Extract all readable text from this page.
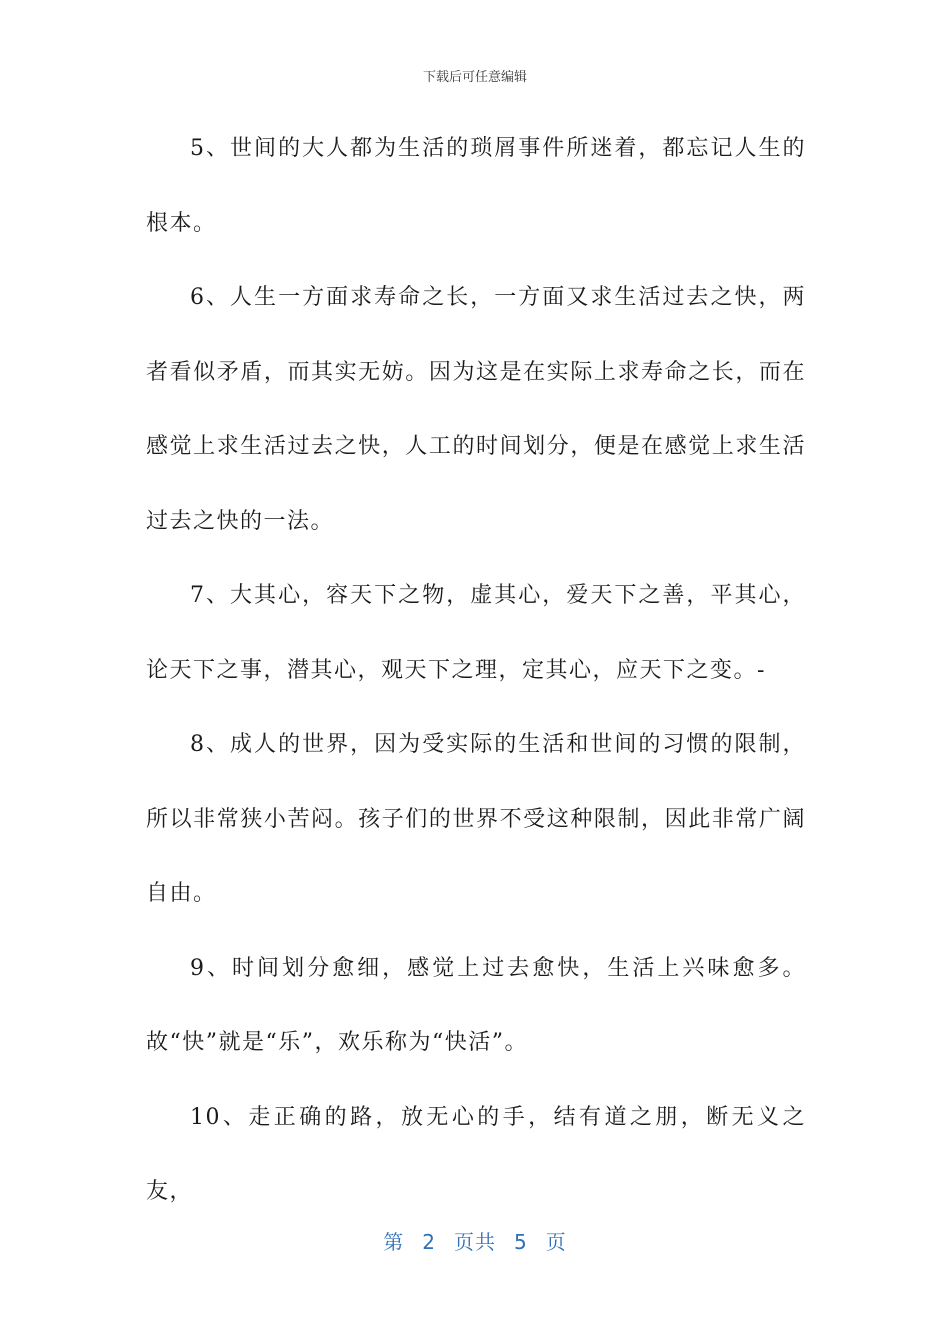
下载后可任意编辑

5、世间的大人都为生活的琐屑事件所迷着，都忘记人生的根本。

6、人生一方面求寿命之长，一方面又求生活过去之快，两者看似矛盾，而其实无妨。因为这是在实际上求寿命之长，而在感觉上求生活过去之快，人工的时间划分，便是在感觉上求生活过去之快的一法。

7、大其心，容天下之物，虚其心，爱天下之善，平其心，论天下之事，潜其心，观天下之理，定其心，应天下之变。-

8、成人的世界，因为受实际的生活和世间的习惯的限制，所以非常狭小苦闷。孩子们的世界不受这种限制，因此非常广阔自由。

9、时间划分愈细，感觉上过去愈快，生活上兴味愈多。故“快”就是“乐”，欢乐称为“快活”。

10、走正确的路，放无心的手，结有道之朋，断无义之友，

第 2 页共 5 页
